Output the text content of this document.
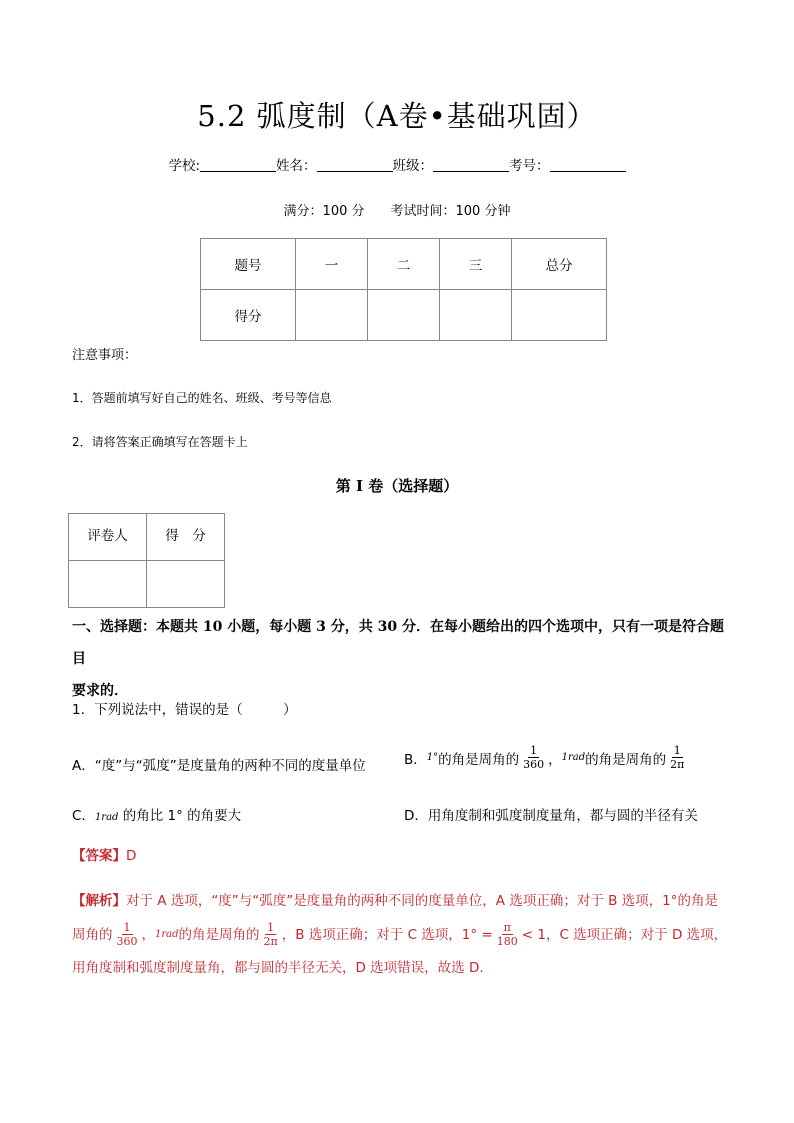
5.2 弧度制（A卷•基础巩固）
学校:	姓名：	班级：	考号：
满分：100 分 考试时间：100 分钟
题号	一	二	三	总分
得分				
注意事项：
1．答题前填写好自己的姓名、班级、考号等信息
2．请将答案正确填写在答题卡上
第 I 卷（选择题）
评卷人	得　分

一、选择题：本题共 10 小题，每小题 3 分，共 30 分．在每小题给出的四个选项中，只有一项是符合题目
要求的．
1．下列说法中，错误的是（　　　）
A．“度”与“弧度”是度量角的两种不同的度量单位	B． 1° 的角是周角的 $\frac{1}{360}$ ， 1rad 的角是周角的 $\frac{1}{2\pi}$
C．1rad 的角比 1° 的角要大	D．用角度制和弧度制度量角，都与圆的半径有关
【答案】D
【解析】对于 A 选项，“度”与“弧度”是度量角的两种不同的度量单位，A 选项正确；对于 B 选项，1°的角是
周角的 $\frac{1}{360}$ ， 1rad 的角是周角的 $\frac{1}{2\pi}$ ，B 选项正确；对于 C 选项，$1^\circ = \frac{\pi}{180} < 1$，C 选项正确；对于 D 选项，
用角度制和弧度制度量角，都与圆的半径无关，D 选项错误，故选 D.
